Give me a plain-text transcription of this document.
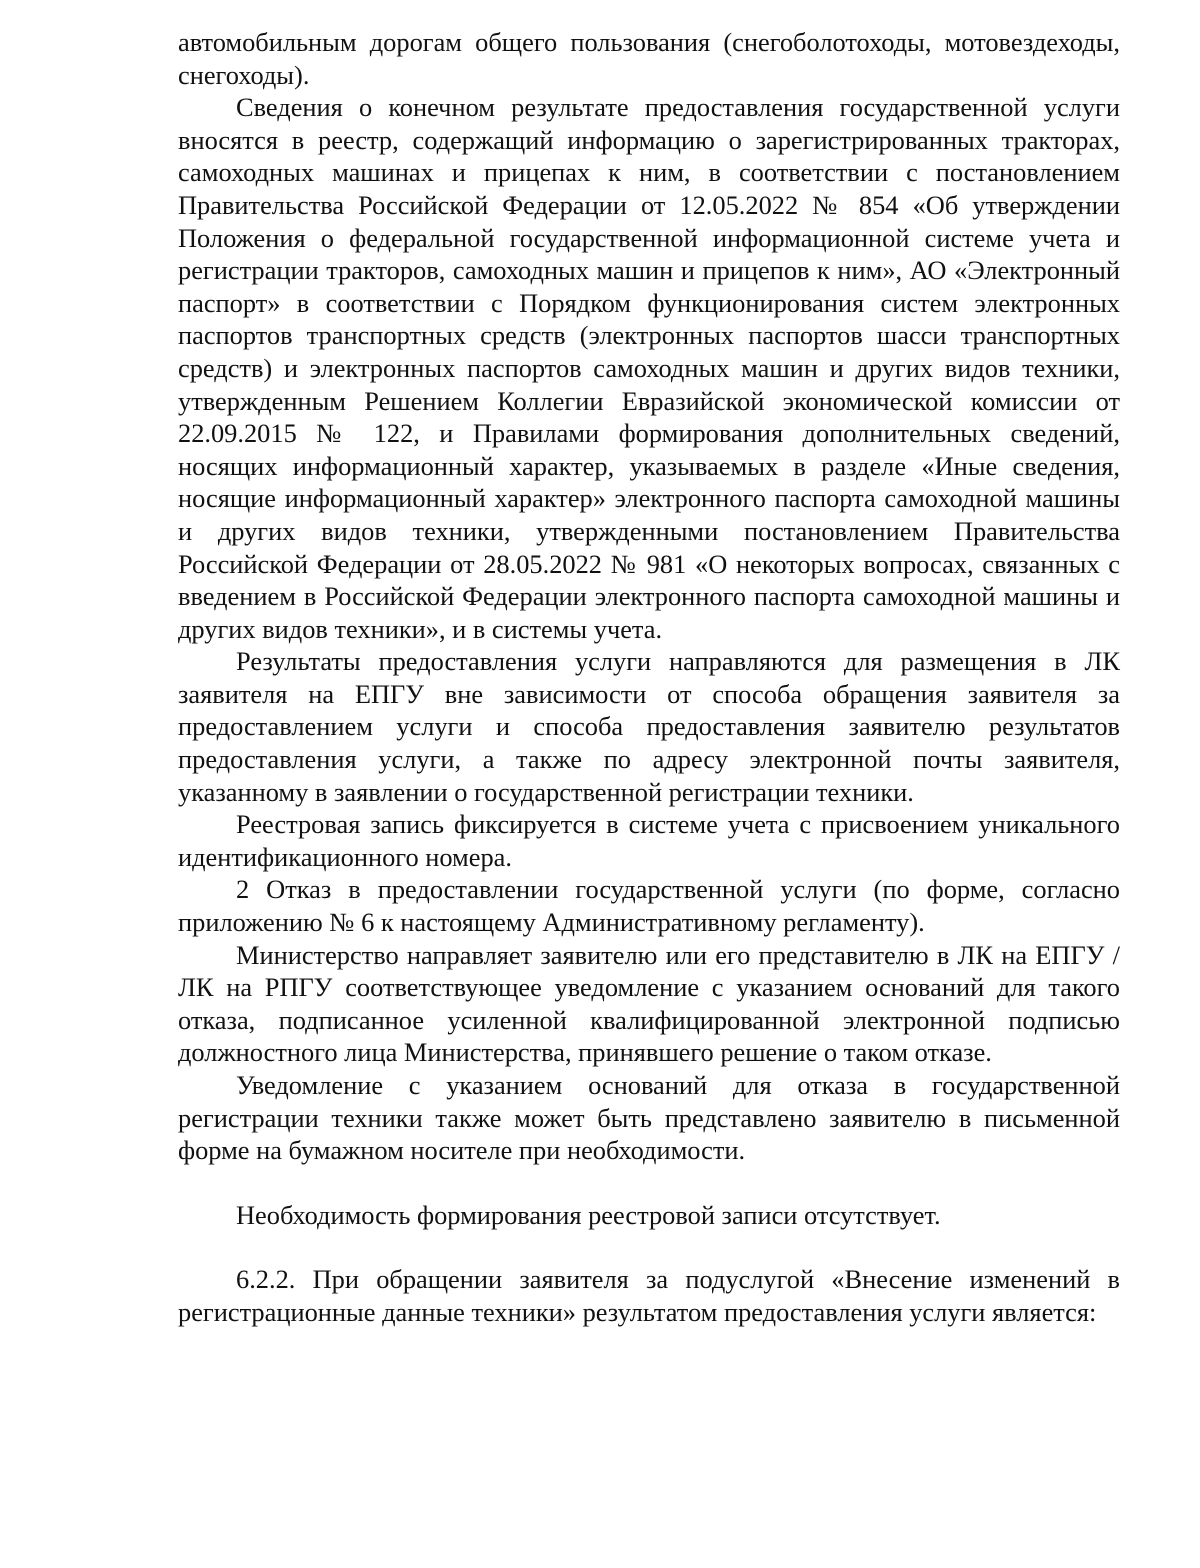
автомобильным дорогам общего пользования (снегоболотоходы, мотовездеходы, снегоходы).

Сведения о конечном результате предоставления государственной услуги вносятся в реестр, содержащий информацию о зарегистрированных тракторах, самоходных машинах и прицепах к ним, в соответствии с постановлением Правительства Российской Федерации от 12.05.2022 № 854 «Об утверждении Положения о федеральной государственной информационной системе учета и регистрации тракторов, самоходных машин и прицепов к ним», АО «Электронный паспорт» в соответствии с Порядком функционирования систем электронных паспортов транспортных средств (электронных паспортов шасси транспортных средств) и электронных паспортов самоходных машин и других видов техники, утвержденным Решением Коллегии Евразийской экономической комиссии от 22.09.2015 № 122, и Правилами формирования дополнительных сведений, носящих информационный характер, указываемых в разделе «Иные сведения, носящие информационный характер» электронного паспорта самоходной машины и других видов техники, утвержденными постановлением Правительства Российской Федерации от 28.05.2022 № 981 «О некоторых вопросах, связанных с введением в Российской Федерации электронного паспорта самоходной машины и других видов техники», и в системы учета.

Результаты предоставления услуги направляются для размещения в ЛК заявителя на ЕПГУ вне зависимости от способа обращения заявителя за предоставлением услуги и способа предоставления заявителю результатов предоставления услуги, а также по адресу электронной почты заявителя, указанному в заявлении о государственной регистрации техники.

Реестровая запись фиксируется в системе учета с присвоением уникального идентификационного номера.

2 Отказ в предоставлении государственной услуги (по форме, согласно приложению № 6 к настоящему Административному регламенту).

Министерство направляет заявителю или его представителю в ЛК на ЕПГУ / ЛК на РПГУ соответствующее уведомление с указанием оснований для такого отказа, подписанное усиленной квалифицированной электронной подписью должностного лица Министерства, принявшего решение о таком отказе.

Уведомление с указанием оснований для отказа в государственной регистрации техники также может быть представлено заявителю в письменной форме на бумажном носителе при необходимости.

Необходимость формирования реестровой записи отсутствует.

6.2.2. При обращении заявителя за подуслугой «Внесение изменений в регистрационные данные техники» результатом предоставления услуги является:
